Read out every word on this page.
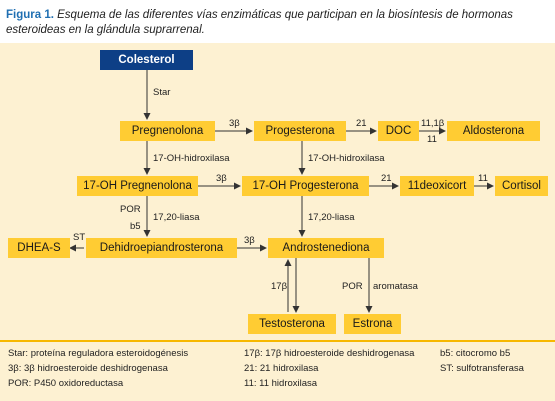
Figura 1. Esquema de las diferentes vías enzimáticas que participan en la biosíntesis de hormonas esteroideas en la glándula suprarrenal.
Colesterol
Pregnenolona	Progesterona	DOC	Aldosterona
17-OH Pregnenolona	17-OH Progesterona	11deoxicort	Cortisol
DHEA-S	Dehidroepiandrosterona	Androstenediona
Testosterona	Estrona
Star
3β	21	11,1β
11
17-OH-hidroxilasa	17-OH-hidroxilasa
3β	21	11
POR
b5
17,20-liasa
ST	3β
17,20-liasa
17β	POR aromatasa
Star: proteína reguladora esteroidogénesis
3β: 3β hidroesteroide deshidrogenasa
POR: P450 oxidoreductasa
17β: 17β hidroesteroide deshidrogenasa
21: 21 hidroxilasa
11: 11 hidroxilasa
b5: citocromo b5
ST: sulfotransferasa
